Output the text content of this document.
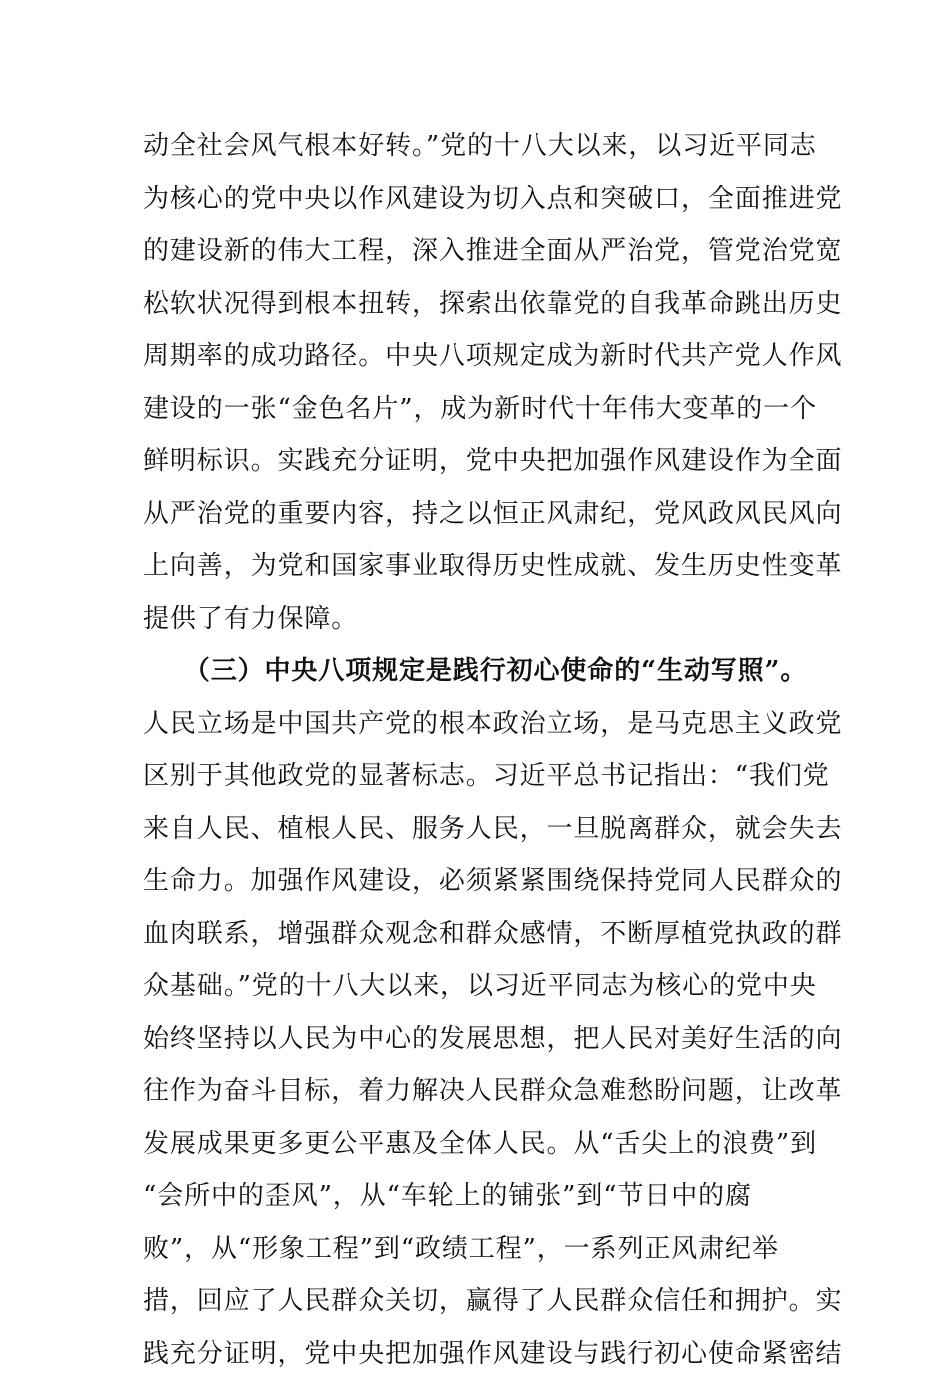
动全社会风气根本好转。”党的十八大以来，以习近平同志
为核心的党中央以作风建设为切入点和突破口，全面推进党
的建设新的伟大工程，深入推进全面从严治党，管党治党宽
松软状况得到根本扭转，探索出依靠党的自我革命跳出历史
周期率的成功路径。中央八项规定成为新时代共产党人作风
建设的一张“金色名片”，成为新时代十年伟大变革的一个
鲜明标识。实践充分证明，党中央把加强作风建设作为全面
从严治党的重要内容，持之以恒正风肃纪，党风政风民风向
上向善，为党和国家事业取得历史性成就、发生历史性变革
提供了有力保障。
　　（三）中央八项规定是践行初心使命的“生动写照”。
人民立场是中国共产党的根本政治立场，是马克思主义政党
区别于其他政党的显著标志。习近平总书记指出：“我们党
来自人民、植根人民、服务人民，一旦脱离群众，就会失去
生命力。加强作风建设，必须紧紧围绕保持党同人民群众的
血肉联系，增强群众观念和群众感情，不断厚植党执政的群
众基础。”党的十八大以来，以习近平同志为核心的党中央
始终坚持以人民为中心的发展思想，把人民对美好生活的向
往作为奋斗目标，着力解决人民群众急难愁盼问题，让改革
发展成果更多更公平惠及全体人民。从“舌尖上的浪费”到
“会所中的歪风”，从“车轮上的铺张”到“节日中的腐
败”，从“形象工程”到“政绩工程”，一系列正风肃纪举
措，回应了人民群众关切，赢得了人民群众信任和拥护。实
践充分证明，党中央把加强作风建设与践行初心使命紧密结
